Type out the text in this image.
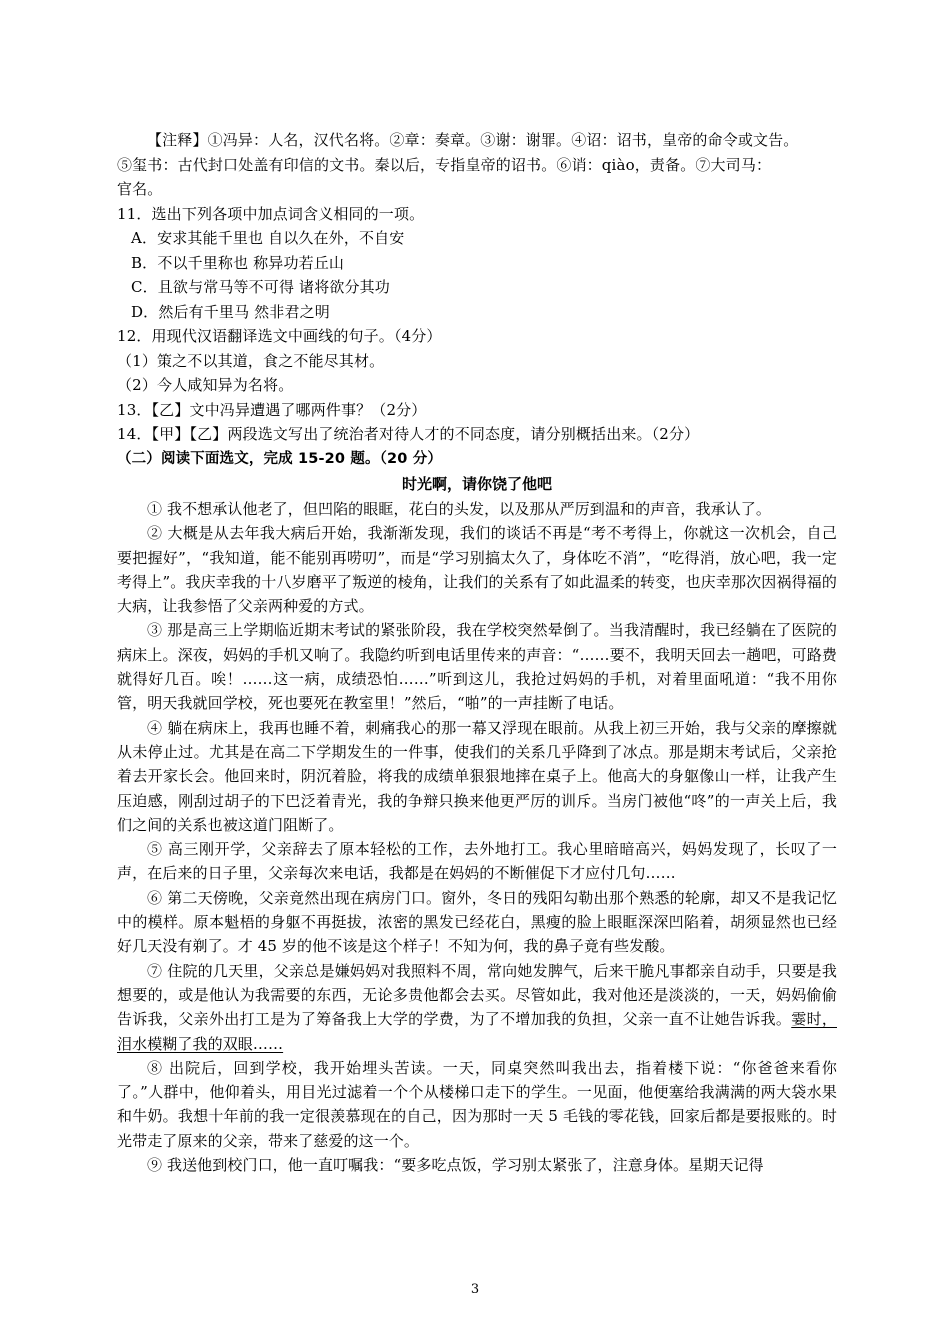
【注释】①冯异：人名，汉代名将。②章：奏章。③谢：谢罪。④诏：诏书，皇帝的命令或文告。
⑤玺书：古代封口处盖有印信的文书。秦以后，专指皇帝的诏书。⑥诮：qiào，责备。⑦大司马：
官名。
11．选出下列各项中加点词含义相同的一项。
A．安求其能千里也 自以久在外，不自安
B．不以千里称也 称异功若丘山
C．且欲与常马等不可得 诸将欲分其功
D．然后有千里马 然非君之明
12．用现代汉语翻译选文中画线的句子。（4分）
（1）策之不以其道，食之不能尽其材。
（2）今人咸知异为名将。
13．【乙】文中冯异遭遇了哪两件事？（2分）
14．【甲】【乙】两段选文写出了统治者对待人才的不同态度，请分别概括出来。（2分）
（二）阅读下面选文，完成 15-20 题。（20 分）
时光啊，请你饶了他吧

① 我不想承认他老了，但凹陷的眼眶，花白的头发，以及那从严厉到温和的声音，我承认了。

② 大概是从去年我大病后开始，我渐渐发现，我们的谈话不再是“考不考得上，你就这一次机会，自己要把握好”，“我知道，能不能别再唠叨”，而是“学习别搞太久了，身体吃不消”，“吃得消，放心吧，我一定考得上”。我庆幸我的十八岁磨平了叛逆的棱角，让我们的关系有了如此温柔的转变，也庆幸那次因祸得福的大病，让我参悟了父亲两种爱的方式。

③ 那是高三上学期临近期末考试的紧张阶段，我在学校突然晕倒了。当我清醒时，我已经躺在了医院的病床上。深夜，妈妈的手机又响了。我隐约听到电话里传来的声音：“……要不，我明天回去一趟吧，可路费就得好几百。唉！……这一病，成绩恐怕……”听到这儿，我抢过妈妈的手机，对着里面吼道：“我不用你管，明天我就回学校，死也要死在教室里！”然后，“啪”的一声挂断了电话。

④ 躺在病床上，我再也睡不着，刺痛我心的那一幕又浮现在眼前。从我上初三开始，我与父亲的摩擦就从未停止过。尤其是在高二下学期发生的一件事，使我们的关系几乎降到了冰点。那是期末考试后，父亲抢着去开家长会。他回来时，阴沉着脸，将我的成绩单狠狠地摔在桌子上。他高大的身躯像山一样，让我产生压迫感，刚刮过胡子的下巴泛着青光，我的争辩只换来他更严厉的训斥。当房门被他“咚”的一声关上后，我们之间的关系也被这道门阻断了。

⑤ 高三刚开学，父亲辞去了原本轻松的工作，去外地打工。我心里暗暗高兴，妈妈发现了，长叹了一声，在后来的日子里，父亲每次来电话，我都是在妈妈的不断催促下才应付几句……

⑥ 第二天傍晚，父亲竟然出现在病房门口。窗外，冬日的残阳勾勒出那个熟悉的轮廓，却又不是我记忆中的模样。原本魁梧的身躯不再挺拔，浓密的黑发已经花白，黑瘦的脸上眼眶深深凹陷着，胡须显然也已经好几天没有剃了。才 45 岁的他不该是这个样子！不知为何，我的鼻子竟有些发酸。

⑦ 住院的几天里，父亲总是嫌妈妈对我照料不周，常向她发脾气，后来干脆凡事都亲自动手，只要是我想要的，或是他认为我需要的东西，无论多贵他都会去买。尽管如此，我对他还是淡淡的，一天，妈妈偷偷告诉我，父亲外出打工是为了筹备我上大学的学费，为了不增加我的负担，父亲一直不让她告诉我。霎时，泪水模糊了我的双眼……

⑧ 出院后，回到学校，我开始埋头苦读。一天，同桌突然叫我出去，指着楼下说：“你爸爸来看你了。”人群中，他仰着头，用目光过滤着一个个从楼梯口走下的学生。一见面，他便塞给我满满的两大袋水果和牛奶。我想十年前的我一定很羡慕现在的自己，因为那时一天 5 毛钱的零花钱，回家后都是要报账的。时光带走了原来的父亲，带来了慈爱的这一个。

⑨ 我送他到校门口，他一直叮嘱我：“要多吃点饭，学习别太紧张了，注意身体。星期天记得

3
